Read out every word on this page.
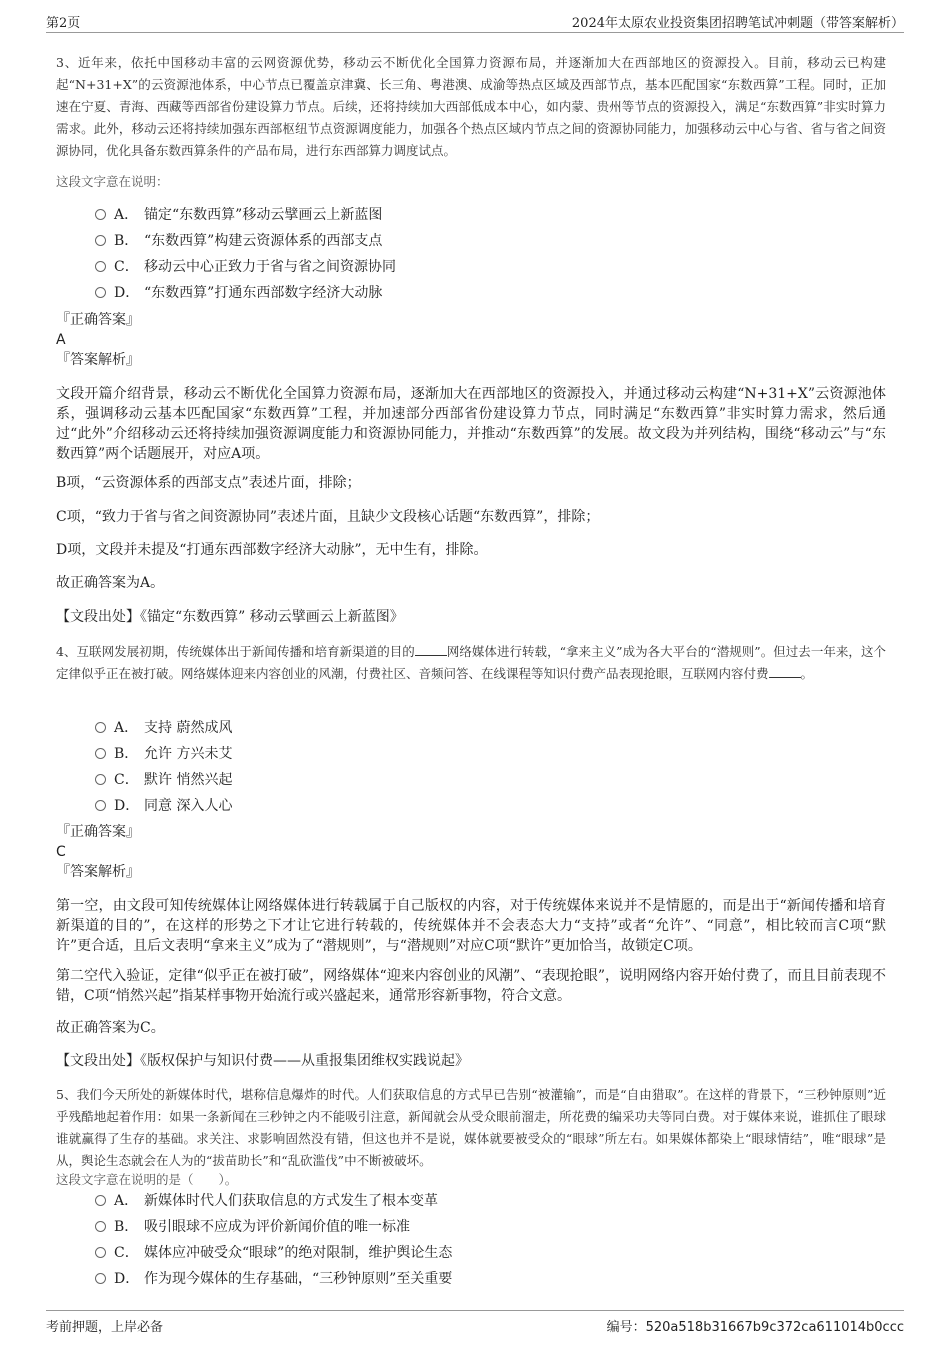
第2页	2024年太原农业投资集团招聘笔试冲刺题（带答案解析）
3、近年来，依托中国移动丰富的云网资源优势，移动云不断优化全国算力资源布局，并逐渐加大在西部地区的资源投入。目前，移动云已构建起“N+31+X”的云资源池体系，中心节点已覆盖京津冀、长三角、粤港澳、成渝等热点区域及西部节点，基本匹配国家“东数西算”工程。同时，正加速在宁夏、青海、西藏等西部省份建设算力节点。后续，还将持续加大西部低成本中心，如内蒙、贵州等节点的资源投入，满足“东数西算”非实时算力需求。此外，移动云还将持续加强东西部枢纽节点资源调度能力，加强各个热点区域内节点之间的资源协同能力，加强移动云中心与省、省与省之间资源协同，优化具备东数西算条件的产品布局，进行东西部算力调度试点。
这段文字意在说明：
A． 锚定“东数西算”移动云擘画云上新蓝图
B． “东数西算”构建云资源体系的西部支点
C． 移动云中心正致力于省与省之间资源协同
D． “东数西算”打通东西部数字经济大动脉
『正确答案』
A
『答案解析』
文段开篇介绍背景，移动云不断优化全国算力资源布局，逐渐加大在西部地区的资源投入，并通过移动云构建“N+31+X”云资源池体系，强调移动云基本匹配国家“东数西算”工程，并加速部分西部省份建设算力节点，同时满足“东数西算”非实时算力需求，然后通过“此外”介绍移动云还将持续加强资源调度能力和资源协同能力，并推动“东数西算”的发展。故文段为并列结构，围绕“移动云”与“东数西算”两个话题展开，对应A项。
B项，“云资源体系的西部支点”表述片面，排除；
C项，“致力于省与省之间资源协同”表述片面，且缺少文段核心话题“东数西算”，排除；
D项，文段并未提及“打通东西部数字经济大动脉”，无中生有，排除。
故正确答案为A。
【文段出处】《锚定“东数西算” 移动云擘画云上新蓝图》
4、互联网发展初期，传统媒体出于新闻传播和培育新渠道的目的	网络媒体进行转载，“拿来主义”成为各大平台的“潜规则”。但过去一年来，这个定律似乎正在被打破。网络媒体迎来内容创业的风潮，付费社区、音频问答、在线课程等知识付费产品表现抢眼，互联网内容付费	。
A． 支持 蔚然成风
B． 允许 方兴未艾
C． 默许 悄然兴起
D． 同意 深入人心
『正确答案』
C
『答案解析』
第一空，由文段可知传统媒体让网络媒体进行转载属于自己版权的内容，对于传统媒体来说并不是情愿的，而是出于“新闻传播和培育新渠道的目的”，在这样的形势之下才让它进行转载的，传统媒体并不会表态大力“支持”或者“允许”、“同意”，相比较而言C项“默许”更合适，且后文表明“拿来主义”成为了“潜规则”，与“潜规则”对应C项“默许”更加恰当，故锁定C项。
第二空代入验证，定律“似乎正在被打破”，网络媒体“迎来内容创业的风潮”、“表现抢眼”，说明网络内容开始付费了，而且目前表现不错，C项“悄然兴起”指某样事物开始流行或兴盛起来，通常形容新事物，符合文意。
故正确答案为C。
【文段出处】《版权保护与知识付费——从重报集团维权实践说起》
5、我们今天所处的新媒体时代，堪称信息爆炸的时代。人们获取信息的方式早已告别“被灌输”，而是“自由猎取”。在这样的背景下，“三秒钟原则”近乎残酷地起着作用：如果一条新闻在三秒钟之内不能吸引注意，新闻就会从受众眼前溜走，所花费的编采功夫等同白费。对于媒体来说，谁抓住了眼球谁就赢得了生存的基础。求关注、求影响固然没有错，但这也并不是说，媒体就要被受众的“眼球”所左右。如果媒体都染上“眼球情结”，唯“眼球”是从，舆论生态就会在人为的“拔苗助长”和“乱砍滥伐”中不断被破坏。
这段文字意在说明的是（　　）。
A． 新媒体时代人们获取信息的方式发生了根本变革
B． 吸引眼球不应成为评价新闻价值的唯一标准
C． 媒体应冲破受众“眼球”的绝对限制，维护舆论生态
D． 作为现今媒体的生存基础，“三秒钟原则”至关重要
考前押题，上岸必备	编号：520a518b31667b9c372ca611014b0ccc
